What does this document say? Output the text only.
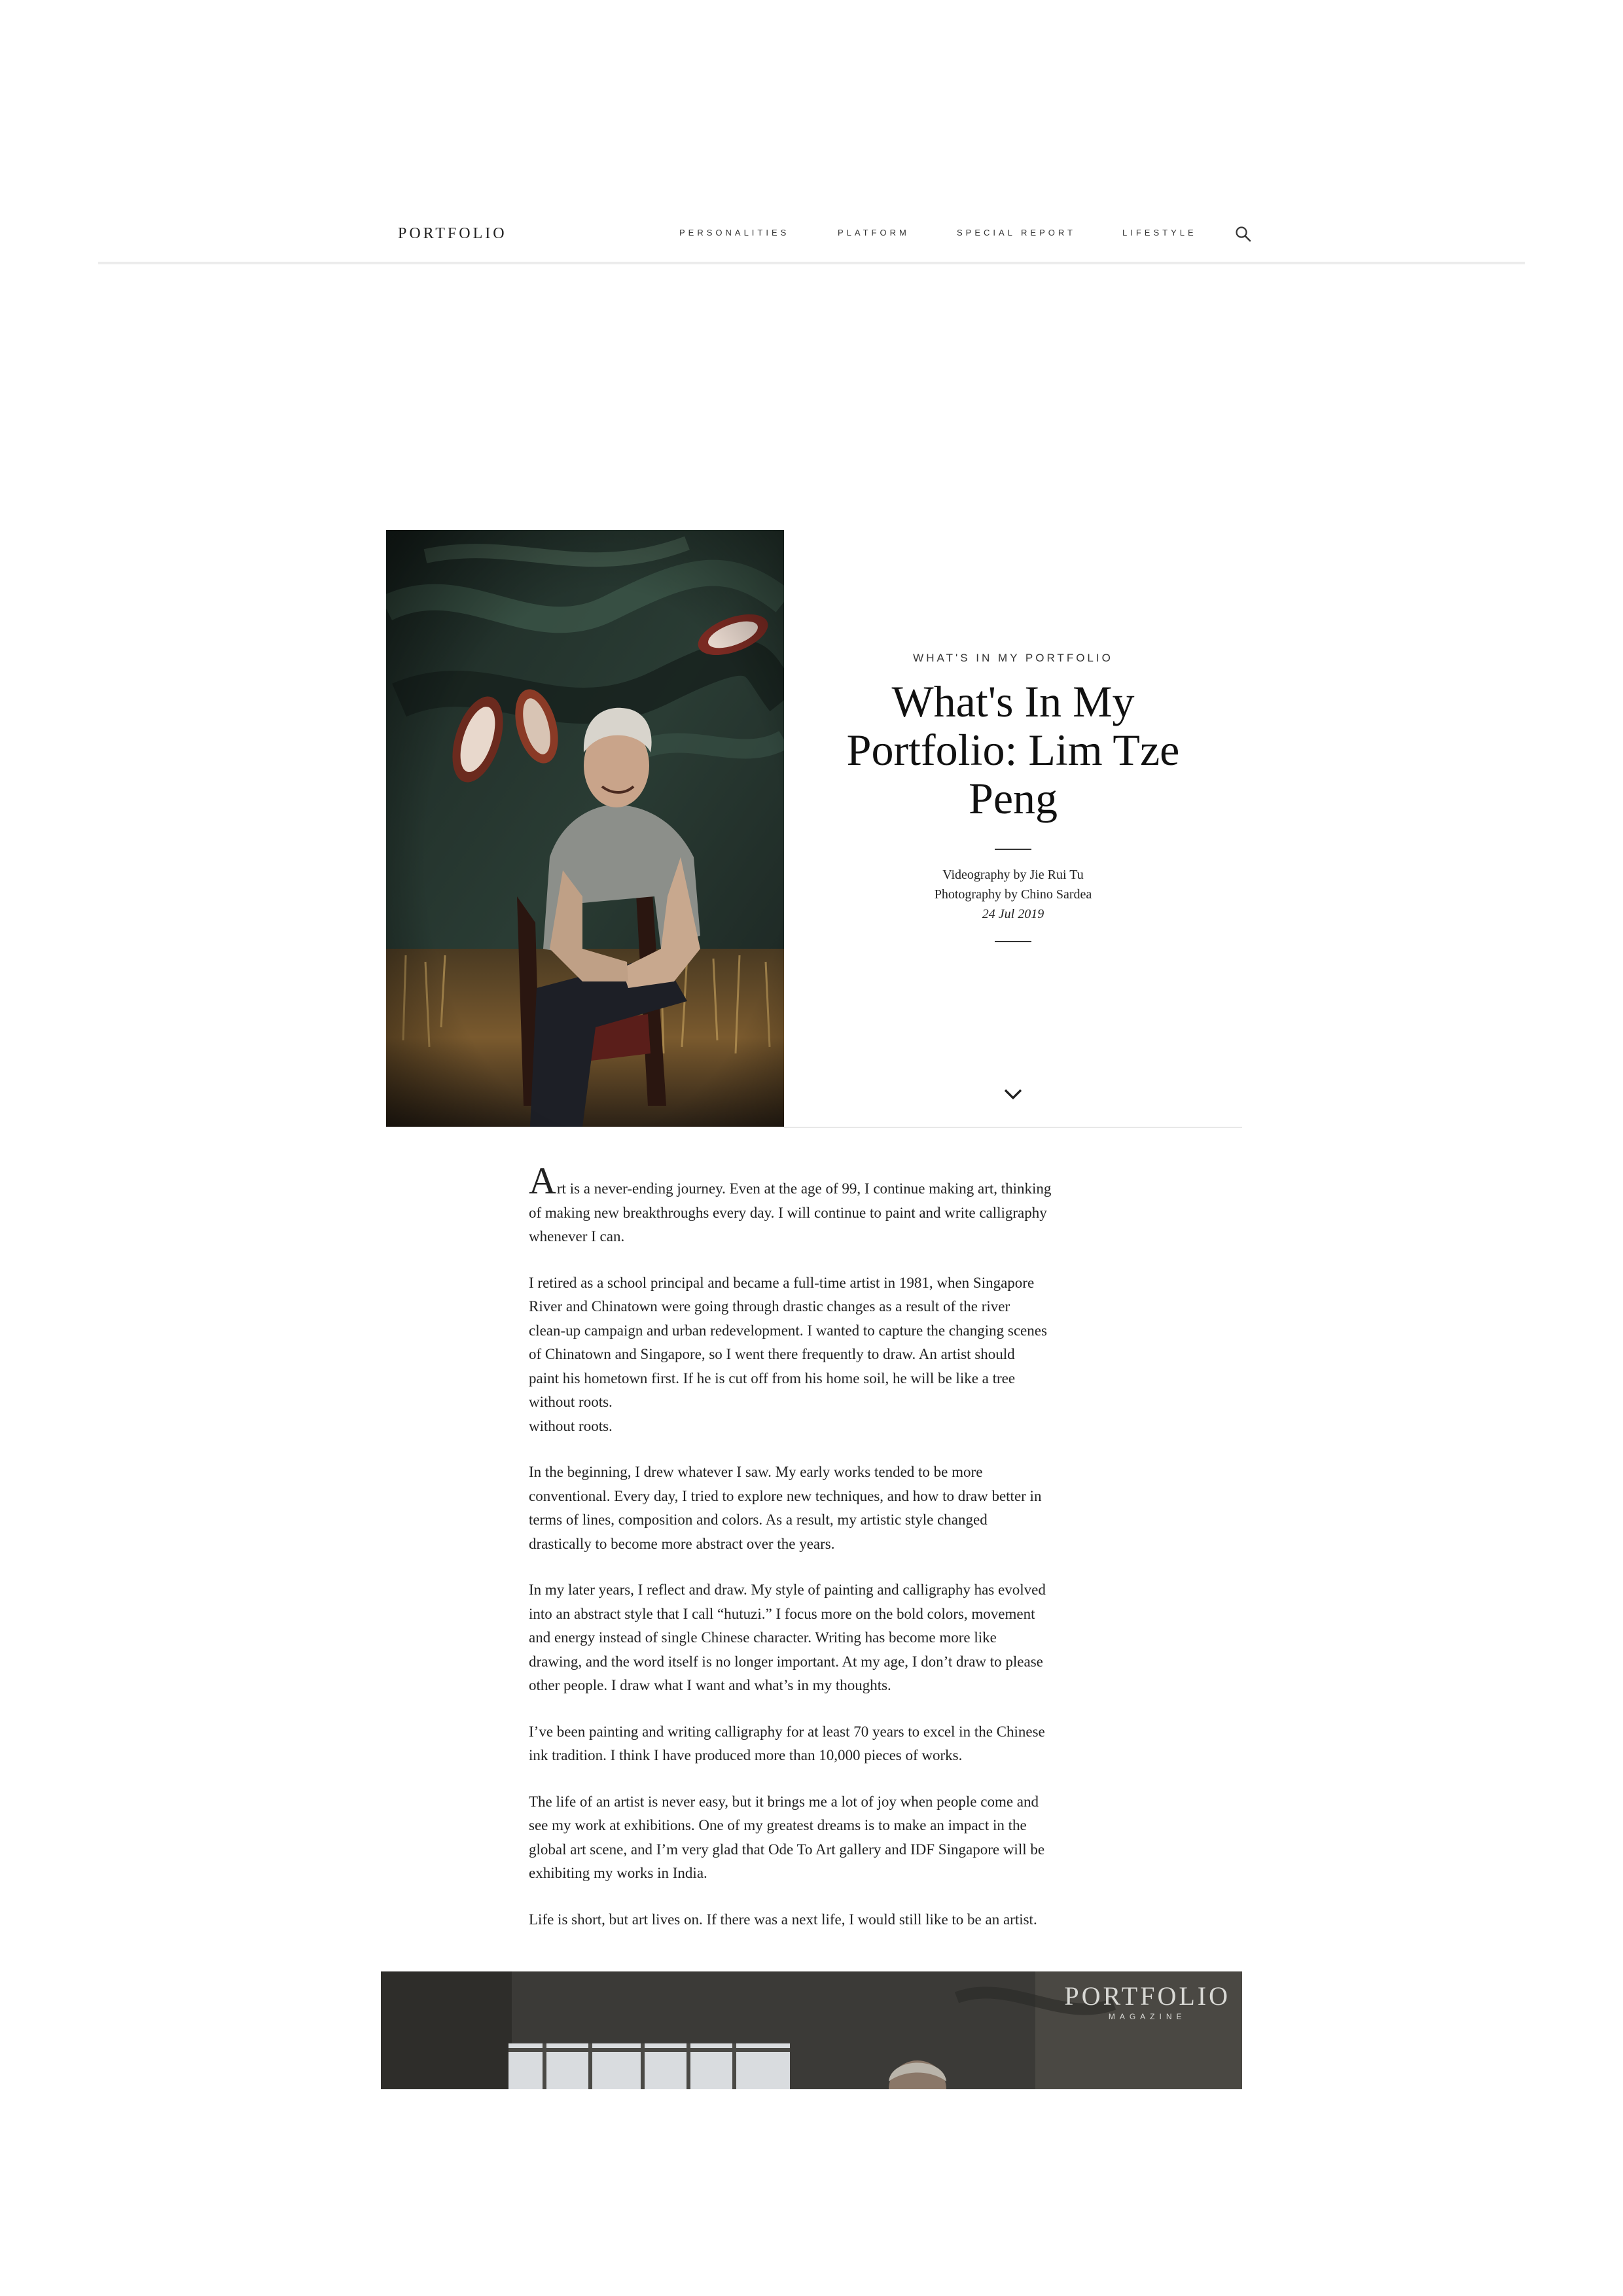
PORTFOLIO	PERSONALITIES	PLATFORM	SPECIAL REPORT	LIFESTYLE
WHAT'S IN MY PORTFOLIO
What's In My
Portfolio: Lim Tze
Peng
Videography by Jie Rui Tu
Photography by Chino Sardea
24 Jul 2019

Art is a never-ending journey. Even at the age of 99, I continue making art, thinking
of making new breakthroughs every day. I will continue to paint and write calligraphy
whenever I can.

I retired as a school principal and became a full-time artist in 1981, when Singapore
River and Chinatown were going through drastic changes as a result of the river
clean-up campaign and urban redevelopment. I wanted to capture the changing scenes
of Chinatown and Singapore, so I went there frequently to draw. An artist should
paint his hometown first. If he is cut off from his home soil, he will be like a tree
without roots.
without roots.

In the beginning, I drew whatever I saw. My early works tended to be more
conventional. Every day, I tried to explore new techniques, and how to draw better in
terms of lines, composition and colors. As a result, my artistic style changed
drastically to become more abstract over the years.

In my later years, I reflect and draw. My style of painting and calligraphy has evolved
into an abstract style that I call “hutuzi.” I focus more on the bold colors, movement
and energy instead of single Chinese character. Writing has become more like
drawing, and the word itself is no longer important. At my age, I don’t draw to please
other people. I draw what I want and what’s in my thoughts.

I’ve been painting and writing calligraphy for at least 70 years to excel in the Chinese
ink tradition. I think I have produced more than 10,000 pieces of works.

The life of an artist is never easy, but it brings me a lot of joy when people come and
see my work at exhibitions. One of my greatest dreams is to make an impact in the
global art scene, and I’m very glad that Ode To Art gallery and IDF Singapore will be
exhibiting my works in India.

Life is short, but art lives on. If there was a next life, I would still like to be an artist.

PORTFOLIO
MAGAZINE
